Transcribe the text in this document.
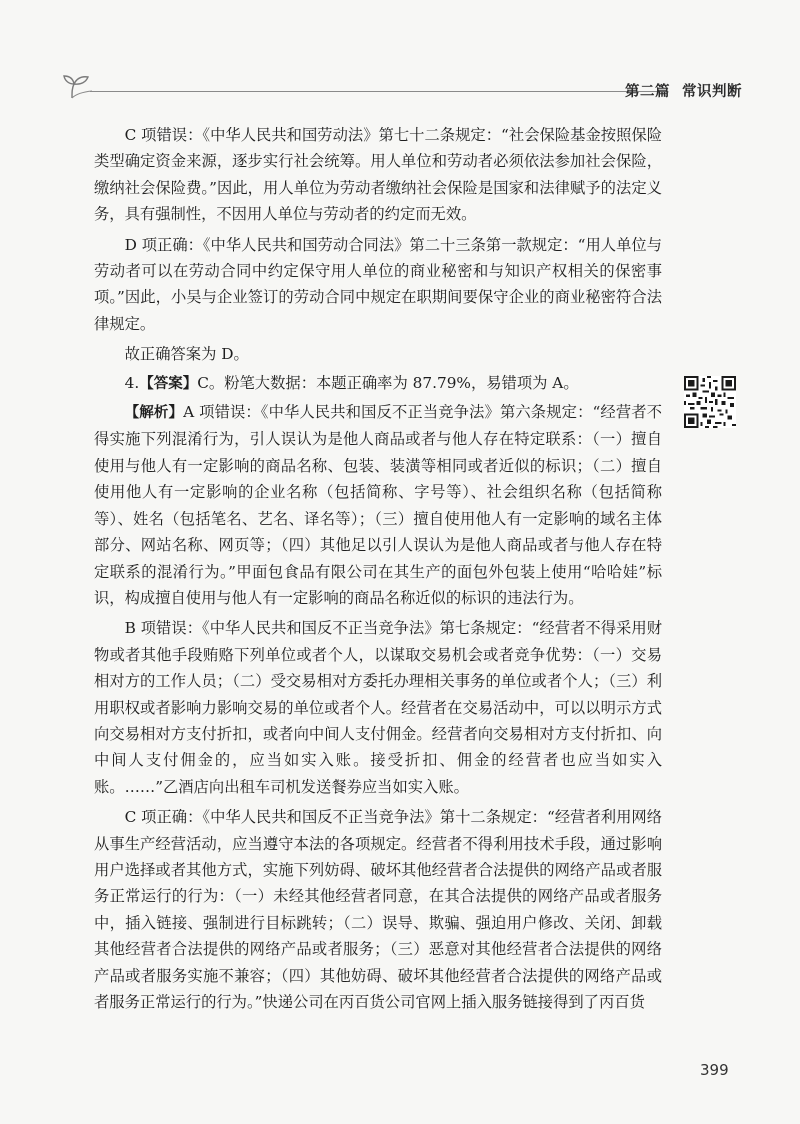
第二篇 常识判断

C 项错误：《中华人民共和国劳动法》第七十二条规定：“社会保险基金按照保险类型确定资金来源，逐步实行社会统筹。用人单位和劳动者必须依法参加社会保险，缴纳社会保险费。”因此，用人单位为劳动者缴纳社会保险是国家和法律赋予的法定义务，具有强制性，不因用人单位与劳动者的约定而无效。

D 项正确：《中华人民共和国劳动合同法》第二十三条第一款规定：“用人单位与劳动者可以在劳动合同中约定保守用人单位的商业秘密和与知识产权相关的保密事项。”因此，小吴与企业签订的劳动合同中规定在职期间要保守企业的商业秘密符合法律规定。

故正确答案为 D。

4.【答案】C。粉笔大数据：本题正确率为 87.79%，易错项为 A。

【解析】A 项错误：《中华人民共和国反不正当竞争法》第六条规定：“经营者不得实施下列混淆行为，引人误认为是他人商品或者与他人存在特定联系：（一）擅自使用与他人有一定影响的商品名称、包装、装潢等相同或者近似的标识；（二）擅自使用他人有一定影响的企业名称（包括简称、字号等）、社会组织名称（包括简称等）、姓名（包括笔名、艺名、译名等）；（三）擅自使用他人有一定影响的域名主体部分、网站名称、网页等；（四）其他足以引人误认为是他人商品或者与他人存在特定联系的混淆行为。”甲面包食品有限公司在其生产的面包外包装上使用“哈哈娃”标识，构成擅自使用与他人有一定影响的商品名称近似的标识的违法行为。

B 项错误：《中华人民共和国反不正当竞争法》第七条规定：“经营者不得采用财物或者其他手段贿赂下列单位或者个人，以谋取交易机会或者竞争优势：（一）交易相对方的工作人员；（二）受交易相对方委托办理相关事务的单位或者个人；（三）利用职权或者影响力影响交易的单位或者个人。经营者在交易活动中，可以以明示方式向交易相对方支付折扣，或者向中间人支付佣金。经营者向交易相对方支付折扣、向中间人支付佣金的，应当如实入账。接受折扣、佣金的经营者也应当如实入账。……”乙酒店向出租车司机发送餐券应当如实入账。

C 项正确：《中华人民共和国反不正当竞争法》第十二条规定：“经营者利用网络从事生产经营活动，应当遵守本法的各项规定。经营者不得利用技术手段，通过影响用户选择或者其他方式，实施下列妨碍、破坏其他经营者合法提供的网络产品或者服务正常运行的行为：（一）未经其他经营者同意，在其合法提供的网络产品或者服务中，插入链接、强制进行目标跳转；（二）误导、欺骗、强迫用户修改、关闭、卸载其他经营者合法提供的网络产品或者服务；（三）恶意对其他经营者合法提供的网络产品或者服务实施不兼容；（四）其他妨碍、破坏其他经营者合法提供的网络产品或者服务正常运行的行为。”快递公司在丙百货公司官网上插入服务链接得到了丙百货

399
